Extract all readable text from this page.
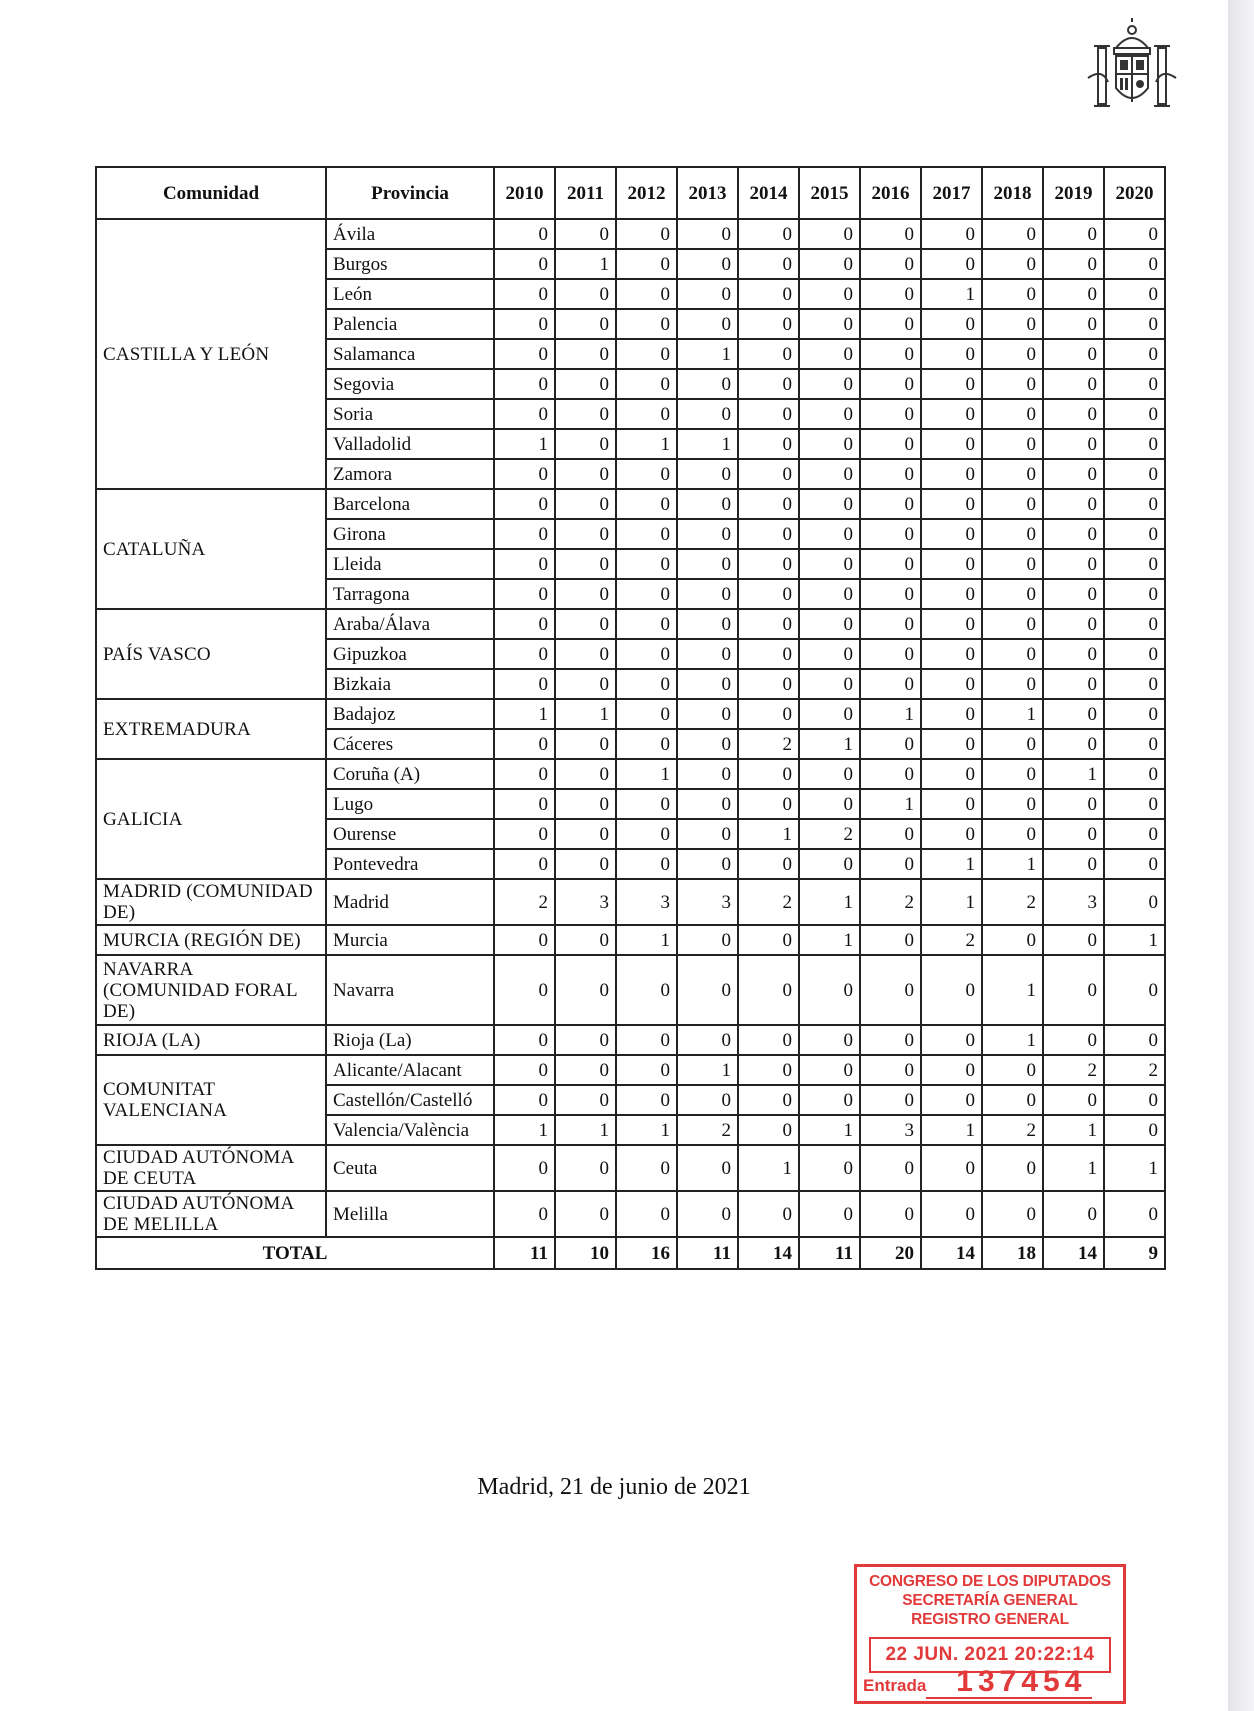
Comunidad	Provincia	2010	2011	2012	2013	2014	2015	2016	2017	2018	2019	2020
CASTILLA Y LEÓN	Ávila	0	0	0	0	0	0	0	0	0	0	0
	Burgos	0	1	0	0	0	0	0	0	0	0	0
	León	0	0	0	0	0	0	0	1	0	0	0
	Palencia	0	0	0	0	0	0	0	0	0	0	0
	Salamanca	0	0	0	1	0	0	0	0	0	0	0
	Segovia	0	0	0	0	0	0	0	0	0	0	0
	Soria	0	0	0	0	0	0	0	0	0	0	0
	Valladolid	1	0	1	1	0	0	0	0	0	0	0
	Zamora	0	0	0	0	0	0	0	0	0	0	0
CATALUÑA	Barcelona	0	0	0	0	0	0	0	0	0	0	0
	Girona	0	0	0	0	0	0	0	0	0	0	0
	Lleida	0	0	0	0	0	0	0	0	0	0	0
	Tarragona	0	0	0	0	0	0	0	0	0	0	0
PAÍS VASCO	Araba/Álava	0	0	0	0	0	0	0	0	0	0	0
	Gipuzkoa	0	0	0	0	0	0	0	0	0	0	0
	Bizkaia	0	0	0	0	0	0	0	0	0	0	0
EXTREMADURA	Badajoz	1	1	0	0	0	0	1	0	1	0	0
	Cáceres	0	0	0	0	2	1	0	0	0	0	0
GALICIA	Coruña (A)	0	0	1	0	0	0	0	0	0	1	0
	Lugo	0	0	0	0	0	0	1	0	0	0	0
	Ourense	0	0	0	0	1	2	0	0	0	0	0
	Pontevedra	0	0	0	0	0	0	0	1	1	0	0
MADRID (COMUNIDAD DE)	Madrid	2	3	3	3	2	1	2	1	2	3	0
MURCIA (REGIÓN DE)	Murcia	0	0	1	0	0	1	0	2	0	0	1
NAVARRA (COMUNIDAD FORAL DE)	Navarra	0	0	0	0	0	0	0	0	1	0	0
RIOJA (LA)	Rioja (La)	0	0	0	0	0	0	0	0	1	0	0
COMUNITAT VALENCIANA	Alicante/Alacant	0	0	0	1	0	0	0	0	0	2	2
	Castellón/Castelló	0	0	0	0	0	0	0	0	0	0	0
	Valencia/València	1	1	1	2	0	1	3	1	2	1	0
CIUDAD AUTÓNOMA DE CEUTA	Ceuta	0	0	0	0	1	0	0	0	0	1	1
CIUDAD AUTÓNOMA DE MELILLA	Melilla	0	0	0	0	0	0	0	0	0	0	0
TOTAL		11	10	16	11	14	11	20	14	18	14	9
Madrid, 21 de junio de 2021
CONGRESO DE LOS DIPUTADOS
SECRETARÍA GENERAL
REGISTRO GENERAL
22 JUN. 2021 20:22:14
Entrada 137454
